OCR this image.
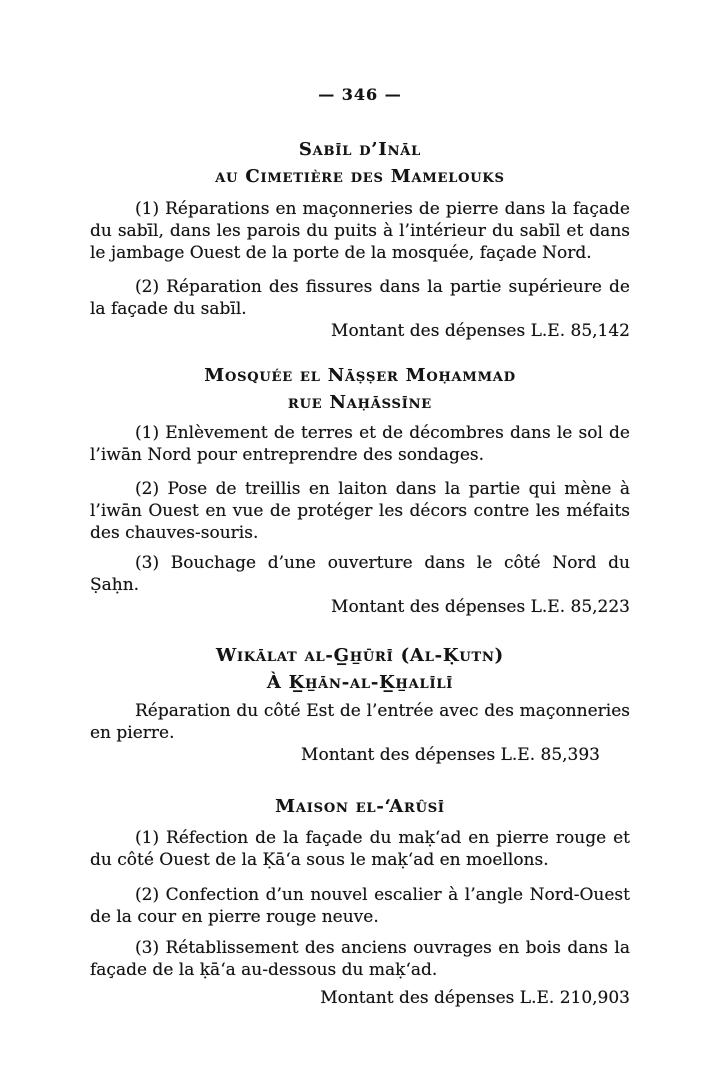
— 346 —
Sabīl d’Ināl
au Cimetière des Mamelouks

(1) Réparations en maçonneries de pierre dans la façade du sabīl, dans les parois du puits à l’intérieur du sabīl et dans le jambage Ouest de la porte de la mosquée, façade Nord.

(2) Réparation des fissures dans la partie supérieure de la façade du sabīl.

Montant des dépenses L.E. 85,142

Mosquée el Nāṣṣer Moḥammad
rue Naḥāssīne

(1) Enlèvement de terres et de décombres dans le sol de l’iwān Nord pour entreprendre des sondages.

(2) Pose de treillis en laiton dans la partie qui mène à l’iwān Ouest en vue de protéger les décors contre les méfaits des chauves-souris.

(3) Bouchage d’une ouverture dans le côté Nord du Ṣaḥn.

Montant des dépenses L.E. 85,223

Wikālat al-G̲h̲ūrī (Al-Ḳutn)
À K̲h̲ān-al-K̲h̲alīlī

Réparation du côté Est de l’entrée avec des maçonneries en pierre.

Montant des dépenses L.E. 85,393

Maison el-‘Arûsī

(1) Réfection de la façade du maḳ‘ad en pierre rouge et du côté Ouest de la Ḳā‘a sous le maḳ‘ad en moellons.

(2) Confection d’un nouvel escalier à l’angle Nord-Ouest de la cour en pierre rouge neuve.

(3) Rétablissement des anciens ouvrages en bois dans la façade de la ḳā‘a au-dessous du maḳ‘ad.

Montant des dépenses L.E. 210,903
